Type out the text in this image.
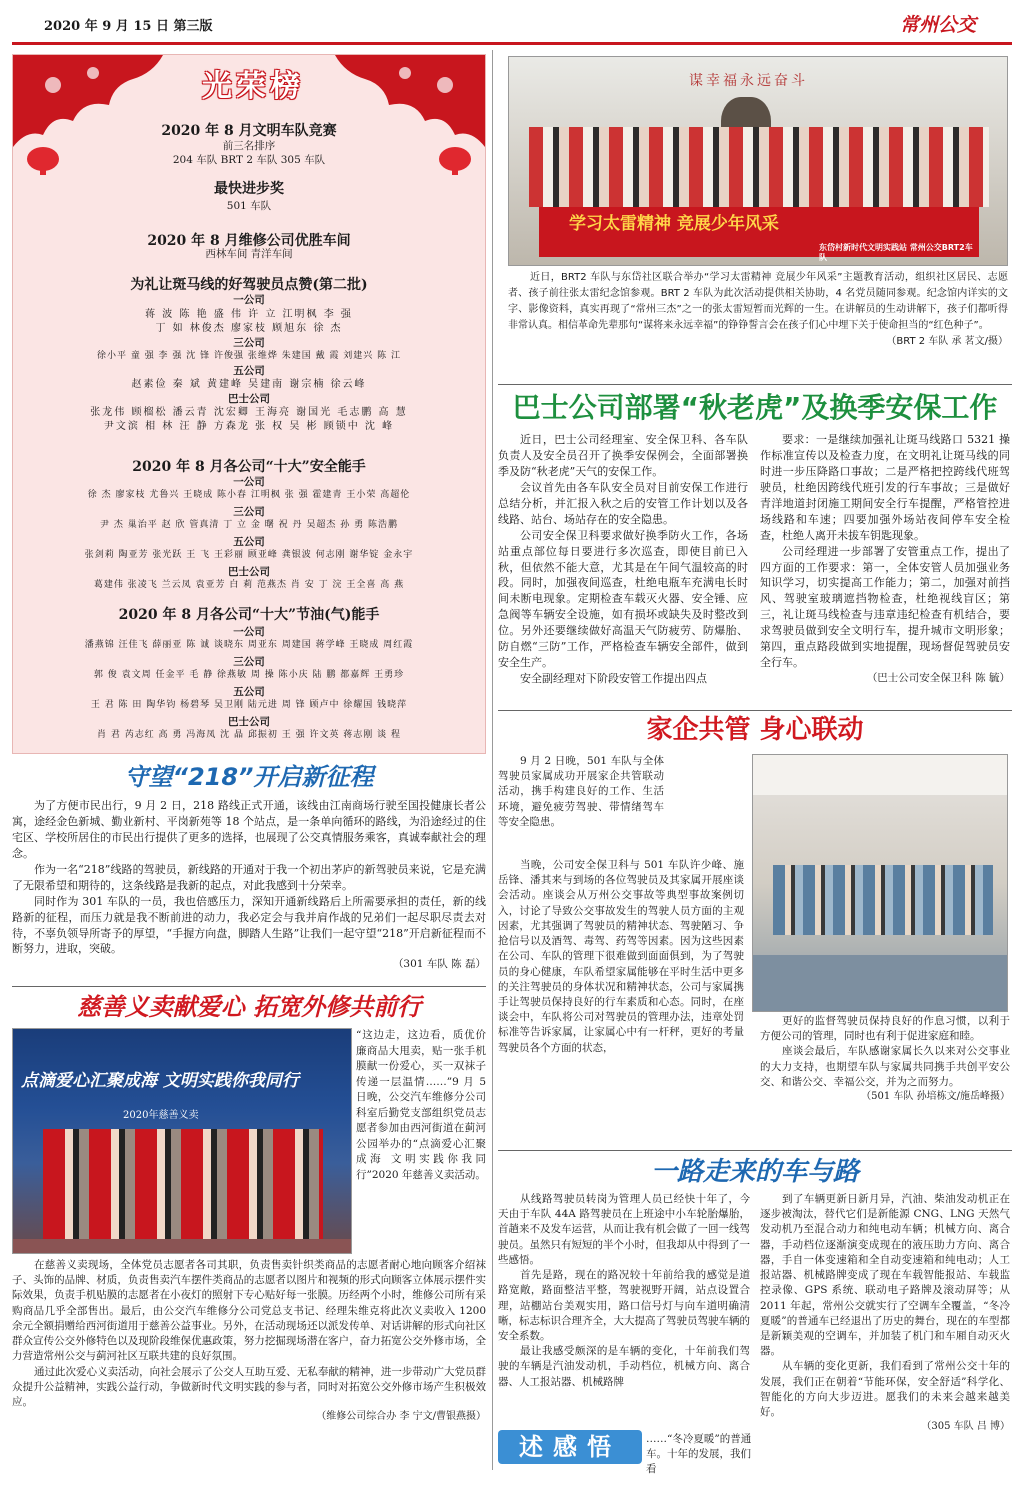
2020 年 9 月 15 日 第三版	常州公交
光荣榜
2020 年 8 月文明车队竞赛
前三名排序
204 车队 BRT 2 车队 305 车队
最快进步奖
501 车队
2020 年 8 月维修公司优胜车间
西林车间 青洋车间
为礼让斑马线的好驾驶员点赞(第二批)
一公司
蒋 波 陈 艳 盛 伟 许 立 江明枫 李 强
丁 如 林俊杰 廖家枝 顾旭东 徐 杰
三公司
徐小平 童 强 李 强 沈 锋 许俊强 张维烨 朱建国 戴 霞 刘建兴 陈 江
五公司
赵素俭 秦 斌 黄建峰 吴建南 谢宗楠 徐云峰
巴士公司
张龙伟 顾榴松 潘云青 沈宏卿 王海亮 谢国光 毛志鹏 高 慧
尹文滨 相 林 汪 静 方森龙 张 权 吴 彬 顾锁中 沈 峰
2020 年 8 月各公司“十大”安全能手
一公司
徐 杰 廖家枝 尤鲁兴 王晓成 陈小春 江明枫 张 强 霍建青 王小荣 高超伦
三公司
尹 杰 巢治平 赵 欣 管真清 丁 立 金 曙 祝 丹 吴超杰 孙 勇 陈浩鹏
五公司
张剑莉 陶亚芳 张光跃 王 飞 王彩丽 顾亚峰 龚银波 何志刚 谢华锭 金永宇
巴士公司
葛建伟 张凌飞 兰云凤 袁亚芳 白 莉 范燕杰 肖 安 丁 浣 王全喜 高 燕
2020 年 8 月各公司“十大”节油(气)能手
一公司
潘燕锦 汪佳飞 薛丽亚 陈 诚 谈晓东 周亚东 周建国 蒋学峰 王晓成 周红霞
三公司
郭 俊 袁文周 任金平 毛 静 徐燕敏 周 操 陈小庆 陆 鹏 都嘉辉 王勇珍
五公司
王 君 陈 田 陶华钧 杨碧琴 吴卫刚 陆元进 周 锋 顾卢中 徐耀国 钱晓萍
巴士公司
肖 君 芮志红 高 勇 冯海凤 沈 晶 邱振初 王 强 许文英 蒋志刚 谈 程
谋幸福永远奋斗
学习太雷精神 竞展少年风采
东岱村新时代文明实践站 常州公交BRT2车队
近日，BRT2 车队与东岱社区联合举办“学习太雷精神 竞展少年风采”主题教育活动，组织社区居民、志愿者、孩子前往张太雷纪念馆参观。BRT 2 车队为此次活动提供相关协助，4 名党员随同参观。纪念馆内详实的文字、影像资料，真实再现了“常州三杰”之一的张太雷短暂而光辉的一生。在讲解员的生动讲解下，孩子们都听得非常认真。相信革命先辈那句“谋将来永远幸福”的铮铮誓言会在孩子们心中埋下关于使命担当的“红色种子”。
（BRT 2 车队 承 茗文/摄）
巴士公司部署“秋老虎”及换季安保工作
近日，巴士公司经理室、安全保卫科、各车队负责人及安全员召开了换季安保例会，全面部署换季及防“秋老虎”天气的安保工作。
会议首先由各车队安全员对目前安保工作进行总结分析，并汇报入秋之后的安管工作计划以及各线路、站台、场站存在的安全隐患。
公司安全保卫科要求做好换季防火工作，各场站重点部位每日要进行多次巡查，即使目前已入秋，但依然不能大意，尤其是在午间气温较高的时段。同时，加强夜间巡查，杜绝电瓶车充满电长时间未断电现象。定期检查车载灭火器、安全锤、应急阀等车辆安全设施，如有损坏或缺失及时整改到位。另外还要继续做好高温天气防疲劳、防爆胎、防自燃“三防”工作，严格检查车辆安全部件，做到安全生产。
安全副经理对下阶段安管工作提出四点
要求：一是继续加强礼让斑马线路口 5321 操作标准宣传以及检查力度，在文明礼让斑马线的同时进一步压降路口事故；二是严格把控跨线代班驾驶员，杜绝因跨线代班引发的行车事故；三是做好青洋地道封闭施工期间安全行车提醒，严格管控进场线路和车速；四要加强外场站夜间停车安全检查，杜绝人离开未拔车钥匙现象。
公司经理进一步部署了安管重点工作，提出了四方面的工作要求：第一，全体安管人员加强业务知识学习，切实提高工作能力；第二，加强对前挡风、驾驶室玻璃遮挡物检查，杜绝视线盲区；第三，礼让斑马线检查与违章违纪检查有机结合，要求驾驶员做到安全文明行车，提升城市文明形象；第四，重点路段做到实地提醒，现场督促驾驶员安全行车。
（巴士公司安全保卫科 陈 毓）
家企共管 身心联动
9 月 2 日晚，501 车队与全体驾驶员家属成功开展家企共管联动活动，携手构建良好的工作、生活环境，避免疲劳驾驶、带情绪驾车等安全隐患。
当晚，公司安全保卫科与 501 车队许少峰、施岳锋、潘其来与到场的各位驾驶员及其家属开展座谈会活动。座谈会从万州公交事故等典型事故案例切入，讨论了导致公交事故发生的驾驶人员方面的主观因素，尤其强调了驾驶员的精神状态、驾驶陋习、争抢信号以及酒驾、毒驾、药驾等因素。因为这些因素在公司、车队的管理下很难做到面面俱到，为了驾驶员的身心健康，车队希望家属能够在平时生活中更多的关注驾驶员的身体状况和精神状态，公司与家属携手让驾驶员保持良好的行车素质和心态。同时，在座谈会中，车队将公司对驾驶员的管理办法，违章处罚标准等告诉家属，让家属心中有一杆秤，更好的考量驾驶员各个方面的状态，
更好的监督驾驶员保持良好的作息习惯，以利于方便公司的管理，同时也有利于促进家庭和睦。
座谈会最后，车队感谢家属长久以来对公交事业的大力支持，也期望车队与家属共同携手共创平安公交、和谐公交、幸福公交，并为之而努力。
（501 车队 孙培栋文/施岳峰摄）
一路走来的车与路
从线路驾驶员转岗为管理人员已经快十年了，今天由于车队 44A 路驾驶员在上班途中小车轮胎爆胎，首趟来不及发车运营，从而让我有机会做了一回一线驾驶员。虽然只有短短的半个小时，但我却从中得到了一些感悟。
首先是路，现在的路况较十年前给我的感觉是道路宽敞，路面整洁平整，驾驶视野开阔，站点设置合理，站棚站台美观实用，路口信号灯与向车道明确清晰，标志标识合理齐全，大大提高了驾驶员驾驶车辆的安全系数。
最让我感受颇深的是车辆的变化，十年前我们驾驶的车辆是汽油发动机，手动档位，机械方向、离合器、人工报站器、机械路牌
述感悟	……“冬冷夏暖”的普通车。十年的发展，我们看
到了车辆更新日新月异，汽油、柴油发动机正在逐步被淘汰，替代它们是新能源 CNG、LNG 天然气发动机乃至混合动力和纯电动车辆；机械方向、离合器，手动档位逐渐演变成现在的液压助力方向、离合器，手自一体变速箱和全自动变速箱和纯电动；人工报站器、机械路牌变成了现在车载智能报站、车载监控录像、GPS 系统、联动电子路牌及滚动屏等；从 2011 年起，常州公交就实行了空调车全覆盖，“冬冷夏暖”的普通车已经退出了历史的舞台，现在的车型都是新颖美观的空调车，并加装了机门和车厢自动灭火器。
从车辆的变化更新，我们看到了常州公交十年的发展，我们正在朝着“节能环保，安全舒适”科学化、智能化的方向大步迈进。愿我们的未来会越来越美好。
（305 车队 吕 博）
守望“218”开启新征程
为了方便市民出行，9 月 2 日，218 路线正式开通，该线由江南商场行驶至国投健康长者公寓，途经金色新城、勤业新村、平岗新苑等 18 个站点，是一条单向循环的路线，为沿途经过的住宅区、学校所居住的市民出行提供了更多的选择，也展现了公交真情服务乘客，真诚奉献社会的理念。
作为一名“218”线路的驾驶员，新线路的开通对于我一个初出茅庐的新驾驶员来说，它是充满了无限希望和期待的，这条线路是我新的起点，对此我感到十分荣幸。
同时作为 301 车队的一员，我也倍感压力，深知开通新线路后上所需要承担的责任，新的线路新的征程，而压力就是我不断前进的动力，我必定会与我并肩作战的兄弟们一起尽职尽责去对待，不辜负领导所寄予的厚望，“手握方向盘，脚踏人生路”让我们一起守望“218”开启新征程而不断努力，进取，突破。
（301 车队 陈 磊）
慈善义卖献爱心 拓宽外修共前行
点滴爱心汇聚成海 文明实践你我同行
2020年慈善义卖
“这边走，这边看，质优价廉商品大甩卖，贴一张手机膜献一份爱心，买一双袜子传递一层温情……”9 月 5 日晚，公交汽车维修分公司科室后勤党支部组织党员志愿者参加由西河街道在蓟河公园举办的“点滴爱心汇聚成海 文明实践你我同行”2020 年慈善义卖活动。
在慈善义卖现场，全体党员志愿者各司其职，负责售卖针织类商品的志愿者耐心地向顾客介绍袜子、头饰的品牌、材质，负责售卖汽车摆件类商品的志愿者以图片和视频的形式向顾客立体展示摆件实际效果，负责手机贴膜的志愿者在小夜灯的照射下专心贴好每一张膜。历经两个小时，维修公司所有采购商品几乎全部售出。最后，由公交汽车维修分公司党总支书记、经理朱维克将此次义卖收入 1200 余元全额捐赠给西河街道用于慈善公益事业。另外，在活动现场还以派发传单、对话讲解的形式向社区群众宣传公交外修特色以及现阶段维保优惠政策，努力挖掘现场潜在客户，奋力拓宽公交外修市场，全力营造常州公交与蓟河社区互联共建的良好氛围。
通过此次爱心义卖活动，向社会展示了公交人互助互爱、无私奉献的精神，进一步带动广大党员群众提升公益精神，实践公益行动，争做新时代文明实践的参与者，同时对拓宽公交外修市场产生积极效应。
（维修公司综合办 李 宁文/曹银燕摄）
